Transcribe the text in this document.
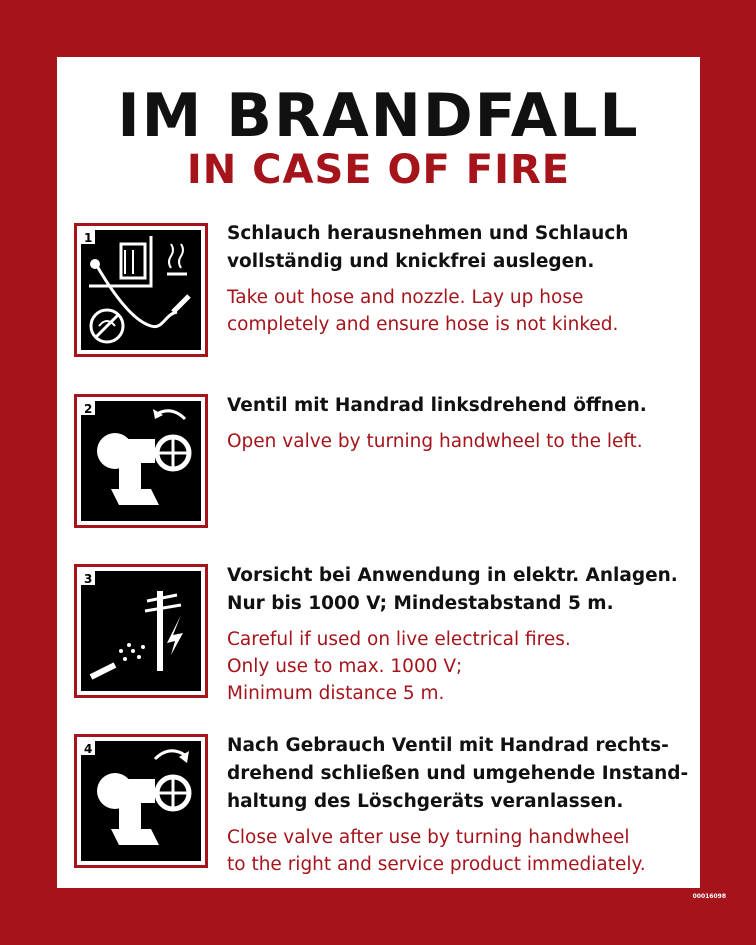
IM BRANDFALL
IN CASE OF FIRE
1	Schlauch herausnehmen und Schlauch
vollständig und knickfrei auslegen.
Take out hose and nozzle. Lay up hose
completely and ensure hose is not kinked.
2	Ventil mit Handrad linksdrehend öffnen.
Open valve by turning handwheel to the left.
3	Vorsicht bei Anwendung in elektr. Anlagen.
Nur bis 1000 V; Mindestabstand 5 m.
Careful if used on live electrical fires.
Only use to max. 1000 V;
Minimum distance 5 m.
4	Nach Gebrauch Ventil mit Handrad rechts-
drehend schließen und umgehende Instand-
haltung des Löschgeräts veranlassen.
Close valve after use by turning handwheel
to the right and service product immediately.
00016098
